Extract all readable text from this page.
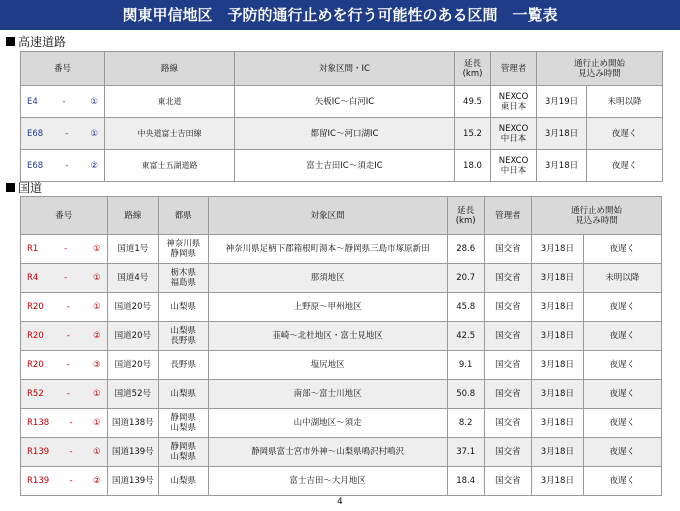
関東甲信地区　予防的通行止めを行う可能性のある区間　一覧表
高速道路
番号	路線	対象区間・IC	延長
(km)	管理者	通行止め開始
見込み時間	

E4 - ①	東北道	矢板IC～白河IC	49.5	NEXCO
東日本	3月19日	未明以降

E68 - ①	中央道富士吉田線	都留IC～河口湖IC	15.2	NEXCO
中日本	3月18日	夜遅く

E68 - ②	東富士五湖道路	富士吉田IC～須走IC	18.0	NEXCO
中日本	3月18日	夜遅く
国道
番号	路線	都県	対象区間	延長
(km)	管理者	通行止め開始
見込み時間	

R1 - ①	国道1号	神奈川県
静岡県	神奈川県足柄下郡箱根町湯本～静岡県三島市塚原新田	28.6	国交省	3月18日	夜遅く

R4 - ①	国道4号	栃木県
福島県	那須地区	20.7	国交省	3月18日	未明以降

R20 - ①	国道20号	山梨県	上野原～甲州地区	45.8	国交省	3月18日	夜遅く

R20 - ②	国道20号	山梨県
長野県	韮崎～北杜地区・富士見地区	42.5	国交省	3月18日	夜遅く

R20 - ③	国道20号	長野県	塩尻地区	9.1	国交省	3月18日	夜遅く

R52 - ①	国道52号	山梨県	南部～富士川地区	50.8	国交省	3月18日	夜遅く

R138 - ①	国道138号	静岡県
山梨県	山中湖地区～須走	8.2	国交省	3月18日	夜遅く

R139 - ①	国道139号	静岡県
山梨県	静岡県富士宮市外神～山梨県鳴沢村鳴沢	37.1	国交省	3月18日	夜遅く

R139 - ②	国道139号	山梨県	富士吉田～大月地区	18.4	国交省	3月18日	夜遅く
4
